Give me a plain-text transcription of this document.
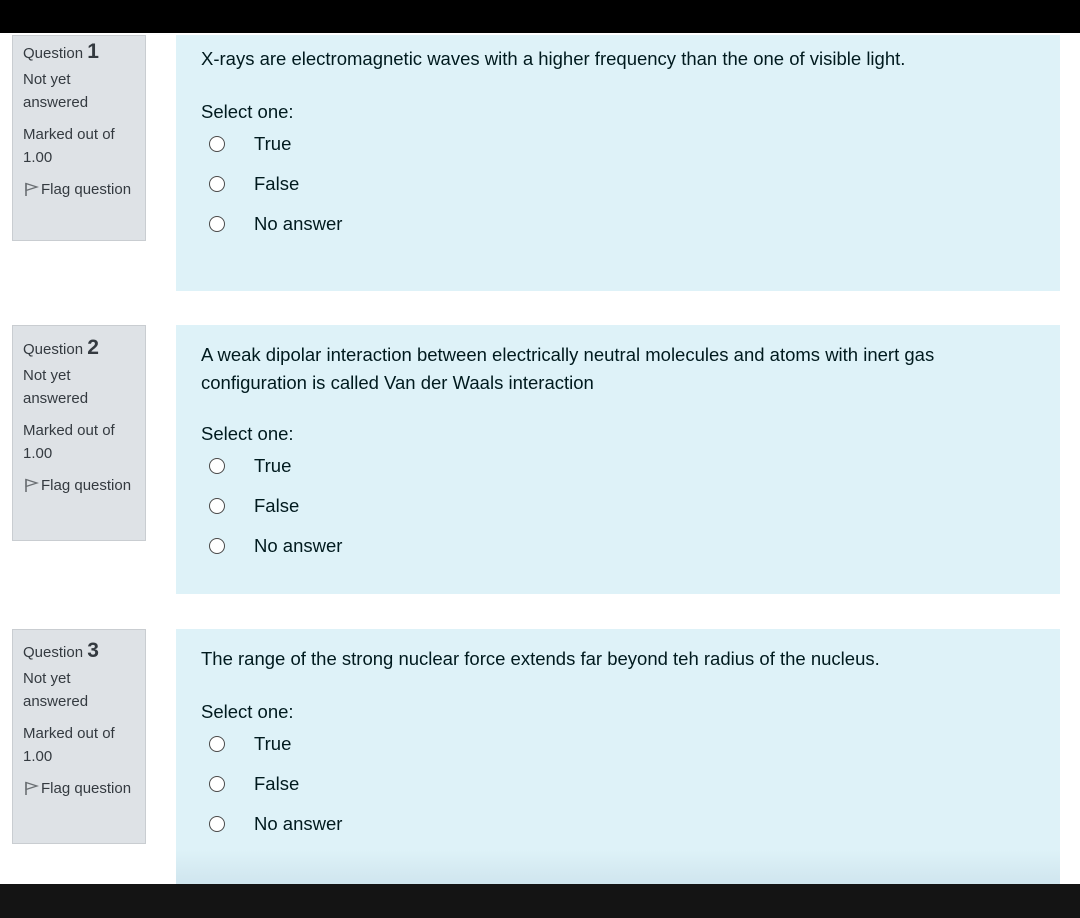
Question 1
Not yet answered
Marked out of 1.00
Flag question
X-rays are electromagnetic waves with a higher frequency than the one of visible light.
Select one:
True
False
No answer
Question 2
Not yet answered
Marked out of 1.00
Flag question
A weak dipolar interaction between electrically neutral molecules and atoms with inert gas configuration is called Van der Waals interaction
Select one:
True
False
No answer
Question 3
Not yet answered
Marked out of 1.00
Flag question
The range of the strong nuclear force extends far beyond teh radius of the nucleus.
Select one:
True
False
No answer
